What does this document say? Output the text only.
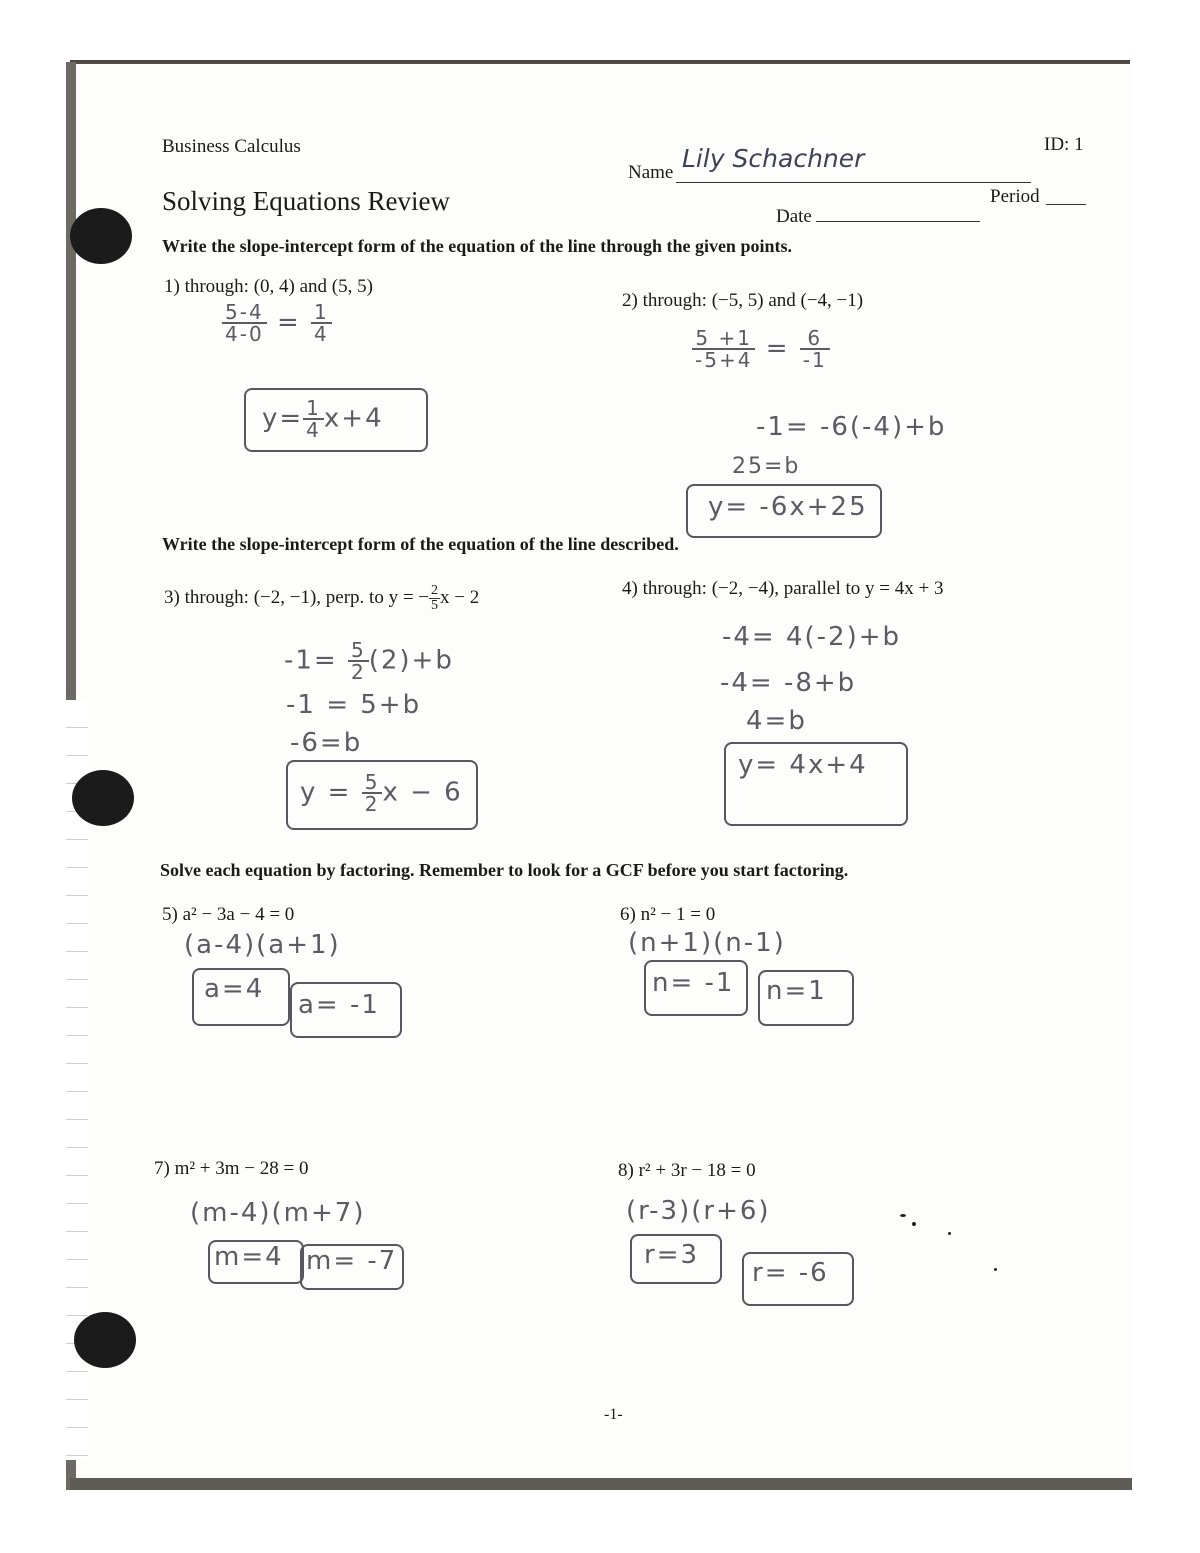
Business Calculus
Solving Equations Review
Name Lily Schachner	ID: 1
Date
Period
Write the slope-intercept form of the equation of the line through the given points.
1) through: (0, 4) and (5, 5)
$\frac{5-4}{4-0} = \frac{1}{4}$
$y= \frac{1}{4} x+4$
2) through: (−5, 5) and (−4, −1)
$\frac{5 +1}{-5+4} = \frac{6}{-1}$
-1= -6(-4)+b
25=b
y= -6x+25
Write the slope-intercept form of the equation of the line described.
3) through: (−2, −1), perp. to y = − $\frac{2}{5}$ x − 2
$-1= \frac{5}{2} (2)+b$
-1 = 5+b
-6=b
$y = \frac{5}{2}$ x − 6
4) through: (−2, −4), parallel to y = 4x + 3
-4= 4(-2)+b
-4= -8+b
4=b
y= 4x+4
Solve each equation by factoring. Remember to look for a GCF before you start factoring.
5) a² − 3a − 4 = 0
(a-4)(a+1)
a=4
a= -1
6) n² − 1 = 0
(n+1)(n-1)
n= -1 n=1
7) m² + 3m − 28 = 0
(m-4)(m+7)
m=4 m= -7
8) r² + 3r − 18 = 0
(r-3)(r+6)
r=3
r= -6
-1-
